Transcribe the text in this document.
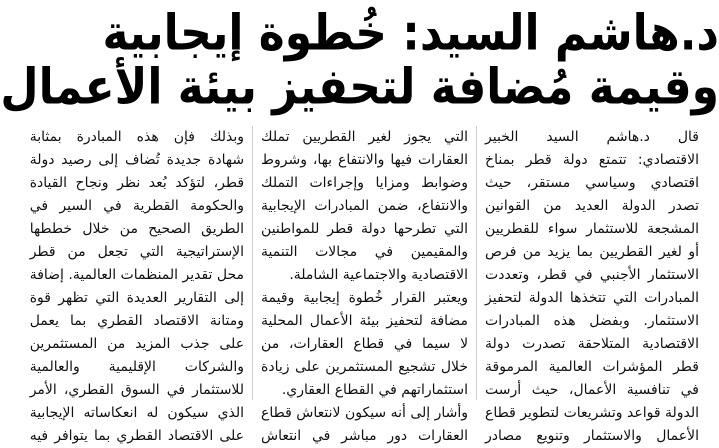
د.هاشم السيد: خُطوة إيجابية
وقيمة مُضافة لتحفيز بيئة الأعمال
قال د.هاشم السيد الخبير
الاقتصادي: تتمتع دولة قطر بمناخ
اقتصادي وسياسي مستقر، حيث
تصدر الدولة العديد من القوانين
المشجعة للاستثمار سواء للقطريين
أو لغير القطريين بما يزيد من فرص
الاستثمار الأجنبي في قطر، وتعددت
المبادرات التي تتخذها الدولة لتحفيز
الاستثمار. وبفضل هذه المبادرات
الاقتصادية المتلاحقة تصدرت دولة
قطر المؤشرات العالمية المرموقة
في تنافسية الأعمال، حيث أرست
الدولة قواعد وتشريعات لتطوير قطاع
الأعمال والاستثمار وتنويع مصادر
التي يجوز لغير القطريين تملك
العقارات فيها والانتفاع بها، وشروط
وضوابط ومزايا وإجراءات التملك
والانتفاع، ضمن المبادرات الإيجابية
التي تطرحها دولة قطر للمواطنين
والمقيمين في مجالات التنمية
الاقتصادية والاجتماعية الشاملة.
ويعتبر القرار خُطوة إيجابية وقيمة
مضافة لتحفيز بيئة الأعمال المحلية
لا سيما في قطاع العقارات، من
خلال تشجيع المستثمرين على زيادة
استثماراتهم في القطاع العقاري.
وأشار إلى أنه سيكون لانتعاش قطاع
العقارات دور مباشر في انتعاش
وبذلك فإن هذه المبادرة بمثابة
شهادة جديدة تُضاف إلى رصيد دولة
قطر، لتؤكد بُعد نظر ونجاح القيادة
والحكومة القطرية في السير في
الطريق الصحيح من خلال خططها
الإستراتيجية التي تجعل من قطر
محل تقدير المنظمات العالمية. إضافة
إلى التقارير العديدة التي تظهر قوة
ومتانة الاقتصاد القطري بما يعمل
على جذب المزيد من المستثمرين
والشركات الإقليمية والعالمية
للاستثمار في السوق القطري، الأمر
الذي سيكون له انعكاساته الإيجابية
على الاقتصاد القطري بما يتوافر فيه
